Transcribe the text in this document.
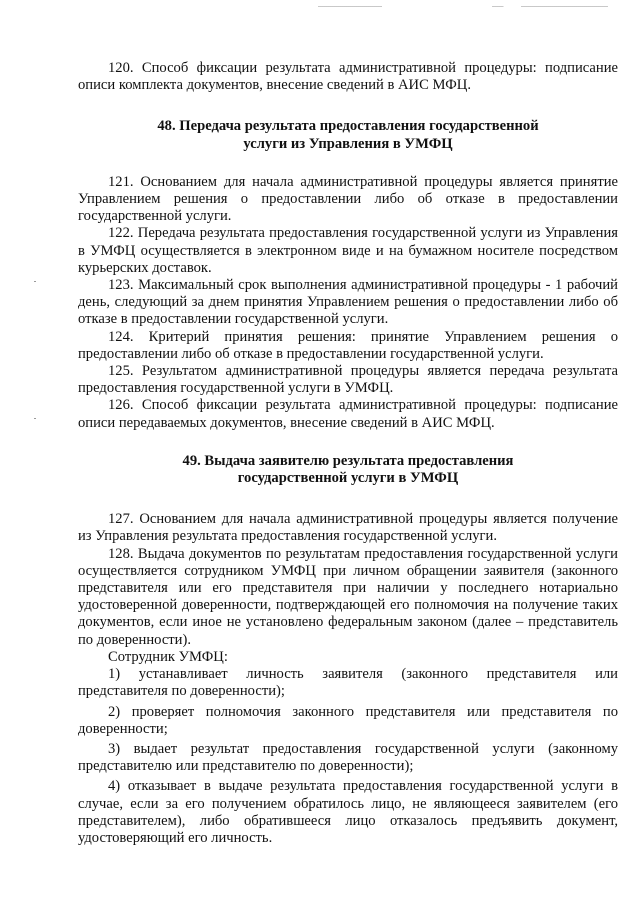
120. Способ фиксации результата административной процедуры: подписание описи комплекта документов, внесение сведений в АИС МФЦ.

48. Передача результата предоставления государственной
услуги из Управления в УМФЦ

121. Основанием для начала административной процедуры является принятие Управлением решения о предоставлении либо об отказе в предоставлении государственной услуги.

122. Передача результата предоставления государственной услуги из Управления в УМФЦ осуществляется в электронном виде и на бумажном носителе посредством курьерских доставок.

123. Максимальный срок выполнения административной процедуры - 1 рабочий день, следующий за днем принятия Управлением решения о предоставлении либо об отказе в предоставлении государственной услуги.

124. Критерий принятия решения: принятие Управлением решения о предоставлении либо об отказе в предоставлении государственной услуги.

125. Результатом административной процедуры является передача результата предоставления государственной услуги в УМФЦ.

126. Способ фиксации результата административной процедуры: подписание описи передаваемых документов, внесение сведений в АИС МФЦ.

49. Выдача заявителю результата предоставления
государственной услуги в УМФЦ

127. Основанием для начала административной процедуры является получение из Управления результата предоставления государственной услуги.

128. Выдача документов по результатам предоставления государственной услуги осуществляется сотрудником УМФЦ при личном обращении заявителя (законного представителя или его представителя при наличии у последнего нотариально удостоверенной доверенности, подтверждающей его полномочия на получение таких документов, если иное не установлено федеральным законом (далее – представитель по доверенности).

Сотрудник УМФЦ:

1) устанавливает личность заявителя (законного представителя или представителя по доверенности);

2) проверяет полномочия законного представителя или представителя по доверенности;

3) выдает результат предоставления государственной услуги (законному представителю или представителю по доверенности);

4) отказывает в выдаче результата предоставления государственной услуги в случае, если за его получением обратилось лицо, не являющееся заявителем (его представителем), либо обратившееся лицо отказалось предъявить документ, удостоверяющий его личность.
